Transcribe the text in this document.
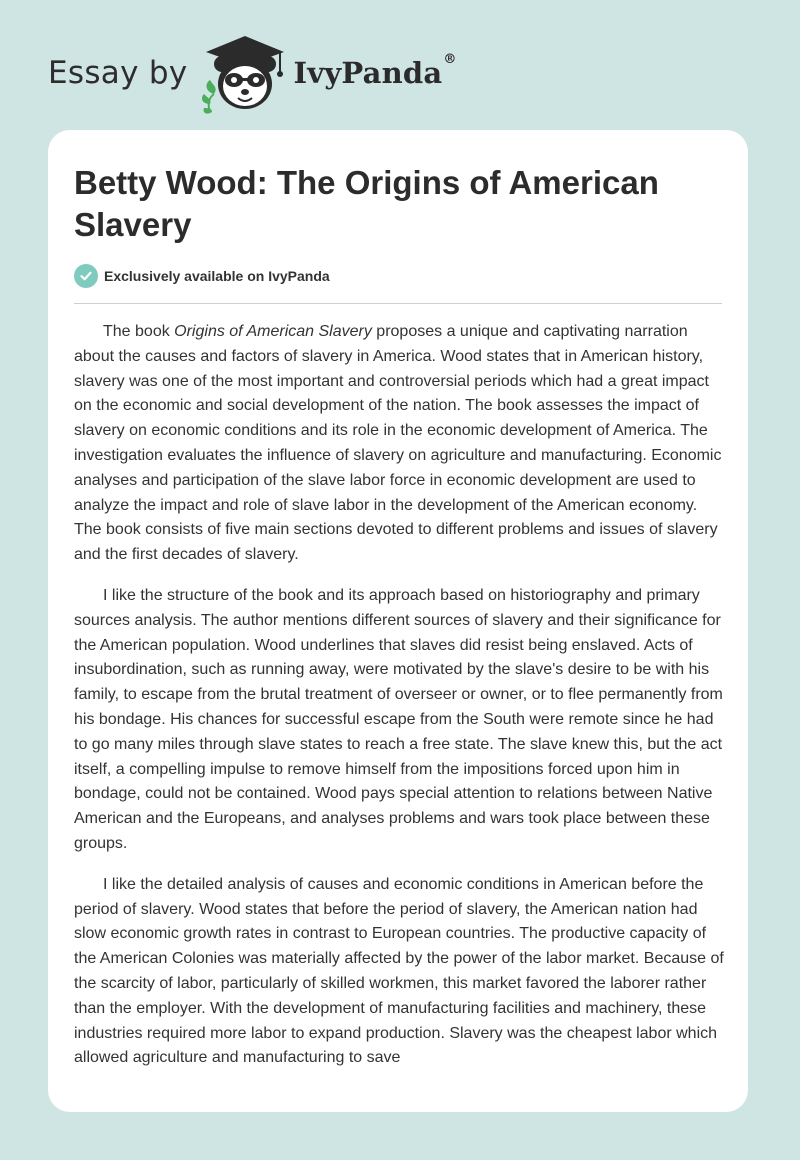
Essay by	IvyPanda®
Betty Wood: The Origins of American Slavery
Exclusively available on IvyPanda

The book Origins of American Slavery proposes a unique and captivating narration about the causes and factors of slavery in America. Wood states that in American history, slavery was one of the most important and controversial periods which had a great impact on the economic and social development of the nation. The book assesses the impact of slavery on economic conditions and its role in the economic development of America. The investigation evaluates the influence of slavery on agriculture and manufacturing. Economic analyses and participation of the slave labor force in economic development are used to analyze the impact and role of slave labor in the development of the American economy. The book consists of five main sections devoted to different problems and issues of slavery and the first decades of slavery.

I like the structure of the book and its approach based on historiography and primary sources analysis. The author mentions different sources of slavery and their significance for the American population. Wood underlines that slaves did resist being enslaved. Acts of insubordination, such as running away, were motivated by the slave's desire to be with his family, to escape from the brutal treatment of overseer or owner, or to flee permanently from his bondage. His chances for successful escape from the South were remote since he had to go many miles through slave states to reach a free state. The slave knew this, but the act itself, a compelling impulse to remove himself from the impositions forced upon him in bondage, could not be contained. Wood pays special attention to relations between Native American and the Europeans, and analyses problems and wars took place between these groups.

I like the detailed analysis of causes and economic conditions in American before the period of slavery. Wood states that before the period of slavery, the American nation had slow economic growth rates in contrast to European countries. The productive capacity of the American Colonies was materially affected by the power of the labor market. Because of the scarcity of labor, particularly of skilled workmen, this market favored the laborer rather than the employer. With the development of manufacturing facilities and machinery, these industries required more labor to expand production. Slavery was the cheapest labor which allowed agriculture and manufacturing to save
